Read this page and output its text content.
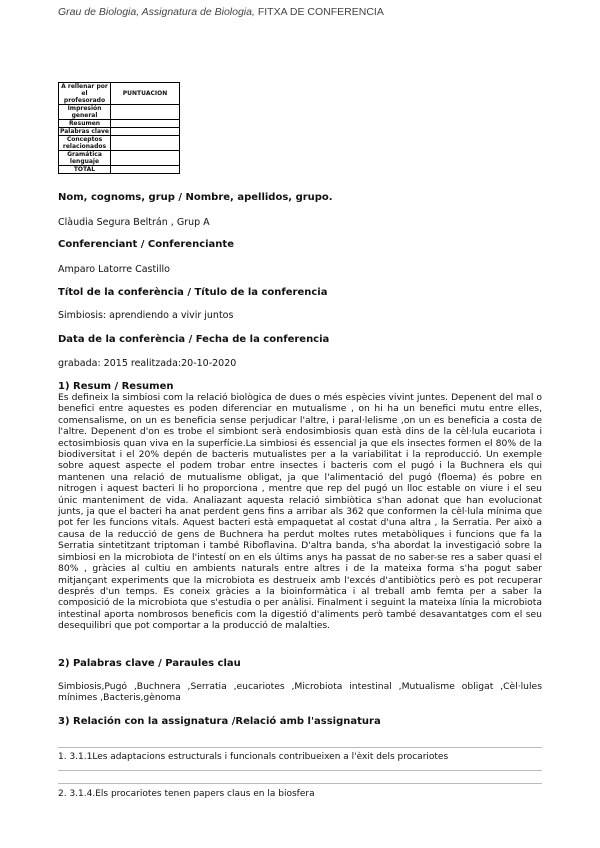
Grau de Biologia, Assignatura de Biologia, FITXA DE CONFERENCIA
A rellenar por el profesorado	PUNTUACION
Impresión general	
Resumen	
Palabras clave	
Conceptos relacionados	
Gramática lenguaje	
TOTAL	
Nom, cognoms, grup / Nombre, apellidos, grupo.
Clàudia Segura Beltrán , Grup A
Conferenciant / Conferenciante
Amparo Latorre Castillo
Títol de la conferència / Título de la conferencia
Simbiosis: aprendiendo a vivir juntos
Data de la conferència / Fecha de la conferencia
grabada: 2015 realitzada:20-10-2020
1) Resum / Resumen
Es defineix la simbiosi com la relació biològica de dues o més espècies vivint juntes. Depenent del mal o benefici entre aquestes es poden diferenciar en mutualisme , on hi ha un benefici mutu entre elles, comensalisme, on un es beneficia sense perjudicar l'altre, i paral·lelisme ,on un es beneficia a costa de l'altre. Depenent d'on es trobe el simbiont serà endosimbiosis quan està dins de la cèl·lula eucariota i ectosimbiosis quan viva en la superfície.La simbiosi és essencial ja que els insectes formen el 80% de la biodiversitat i el 20% depén de bacteris mutualistes per a la variabilitat i la reproducció. Un exemple sobre aquest aspecte el podem trobar entre insectes i bacteris com el pugó i la Buchnera els qui mantenen una relació de mutualisme obligat, ja que l'alimentació del pugó (floema) és pobre en nitrogen i aquest bacteri li ho proporciona , mentre que rep del pugó un lloc estable on viure i el seu únic manteniment de vida. Analiazant aquesta relació simbiòtica s'han adonat que han evolucionat junts, ja que el bacteri ha anat perdent gens fins a arribar als 362 que conformen la cèl·lula mínima que pot fer les funcions vitals. Aquest bacteri està empaquetat al costat d'una altra , la Serratia. Per això a causa de la reducció de gens de Buchnera ha perdut moltes rutes metabòliques i funcions que fa la Serratia sintetitzant triptoman i també Riboflavina. D'altra banda, s'ha abordat la investigació sobre la simbiosi en la microbiota de l'intestí on en els últims anys ha passat de no saber-se res a saber quasi el 80% , gràcies al cultiu en ambients naturals entre altres i de la mateixa forma s'ha pogut saber mitjançant experiments que la microbiota es destrueix amb l'excés d'antibiòtics però es pot recuperar després d'un temps. Es coneix gràcies a la bioinformàtica i al treball amb femta per a saber la composició de la microbiota que s'estudia o per anàlisi. Finalment i seguint la mateixa línia la microbiota intestinal aporta nombrosos beneficis com la digestió d'aliments però també desavantatges com el seu desequilibri que pot comportar a la producció de malalties.
2) Palabras clave / Paraules clau
Simbiosis,Pugó ,Buchnera ,Serratia ,eucariotes ,Microbiota intestinal ,Mutualisme obligat ,Cèl·lules mínimes ,Bacteris,gènoma
3) Relación con la assignatura /Relació amb l'assignatura
1. 3.1.1Les adaptacions estructurals i funcionals contribueixen a l'èxit dels procariotes
2. 3.1.4.Els procariotes tenen papers claus en la biosfera
